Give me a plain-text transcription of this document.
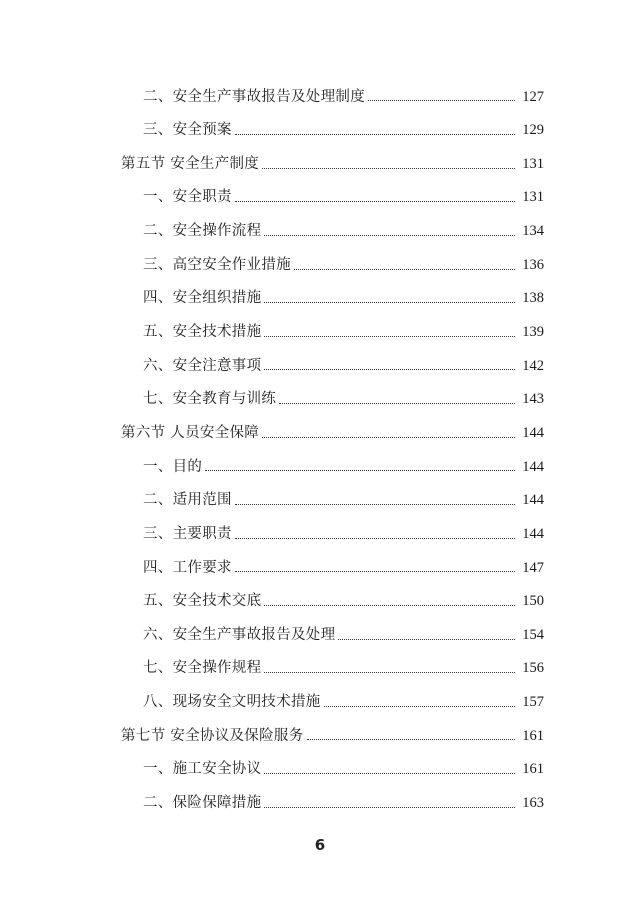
二、安全生产事故报告及处理制度	127
三、安全预案	129
第五节 安全生产制度	131
一、安全职责	131
二、安全操作流程	134
三、高空安全作业措施	136
四、安全组织措施	138
五、安全技术措施	139
六、安全注意事项	142
七、安全教育与训练	143
第六节 人员安全保障	144
一、目的	144
二、适用范围	144
三、主要职责	144
四、工作要求	147
五、安全技术交底	150
六、安全生产事故报告及处理	154
七、安全操作规程	156
八、现场安全文明技术措施	157
第七节 安全协议及保险服务	161
一、施工安全协议	161
二、保险保障措施	163
6
